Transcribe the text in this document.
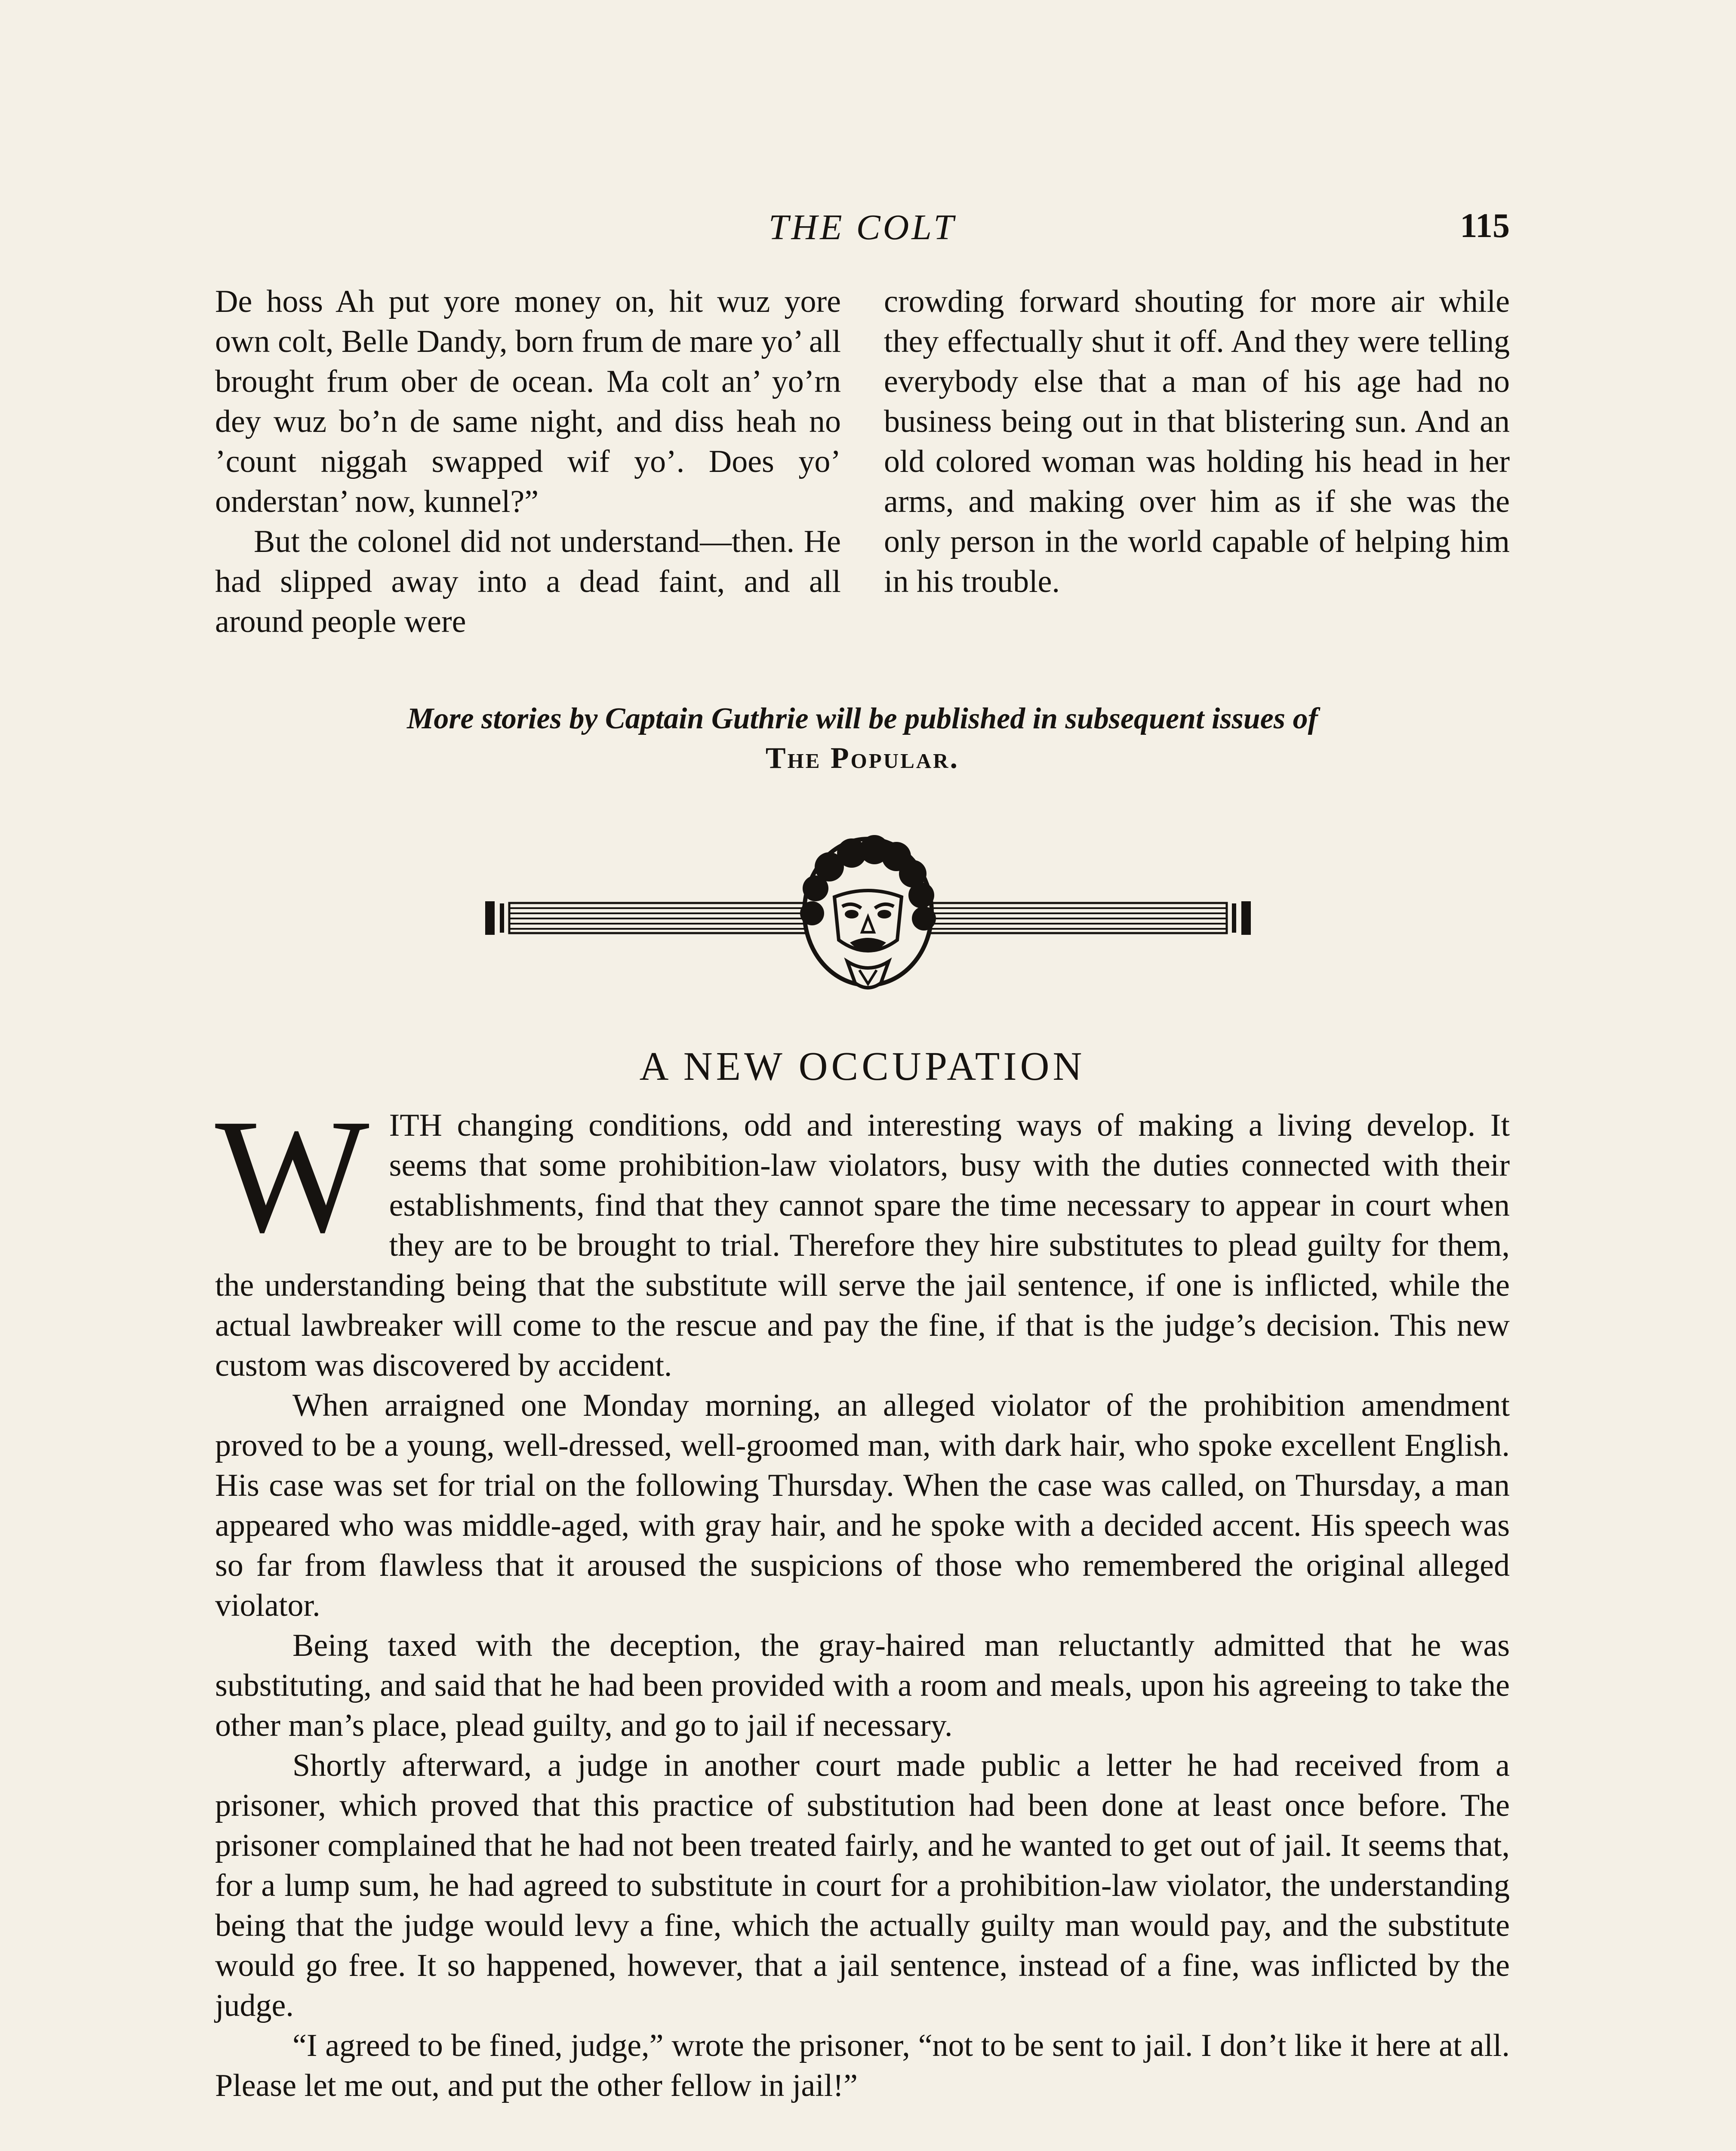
THE COLT	115

De hoss Ah put yore money on, hit wuz yore own colt, Belle Dandy, born frum de mare yo’ all brought frum ober de ocean. Ma colt an’ yo’rn dey wuz bo’n de same night, and diss heah no ’count niggah swapped wif yo’. Does yo’ onderstan’ now, kunnel?”

But the colonel did not understand—then. He had slipped away into a dead faint, and all around people were

crowding forward shouting for more air while they effectually shut it off. And they were telling everybody else that a man of his age had no business being out in that blistering sun. And an old colored woman was holding his head in her arms, and making over him as if she was the only person in the world capable of helping him in his trouble.

More stories by Captain Guthrie will be published in subsequent issues of
The Popular.
A NEW OCCUPATION

WITH changing conditions, odd and interesting ways of making a living develop. It seems that some prohibition-law violators, busy with the duties connected with their establishments, find that they cannot spare the time necessary to appear in court when they are to be brought to trial. Therefore they hire substitutes to plead guilty for them, the understanding being that the substitute will serve the jail sentence, if one is inflicted, while the actual lawbreaker will come to the rescue and pay the fine, if that is the judge’s decision. This new custom was discovered by accident.

When arraigned one Monday morning, an alleged violator of the prohibition amendment proved to be a young, well-dressed, well-groomed man, with dark hair, who spoke excellent English. His case was set for trial on the following Thursday. When the case was called, on Thursday, a man appeared who was middle-aged, with gray hair, and he spoke with a decided accent. His speech was so far from flawless that it aroused the suspicions of those who remembered the original alleged violator.

Being taxed with the deception, the gray-haired man reluctantly admitted that he was substituting, and said that he had been provided with a room and meals, upon his agreeing to take the other man’s place, plead guilty, and go to jail if necessary.

Shortly afterward, a judge in another court made public a letter he had received from a prisoner, which proved that this practice of substitution had been done at least once before. The prisoner complained that he had not been treated fairly, and he wanted to get out of jail. It seems that, for a lump sum, he had agreed to substitute in court for a prohibition-law violator, the understanding being that the judge would levy a fine, which the actually guilty man would pay, and the substitute would go free. It so happened, however, that a jail sentence, instead of a fine, was inflicted by the judge.

“I agreed to be fined, judge,” wrote the prisoner, “not to be sent to jail. I don’t like it here at all. Please let me out, and put the other fellow in jail!”
